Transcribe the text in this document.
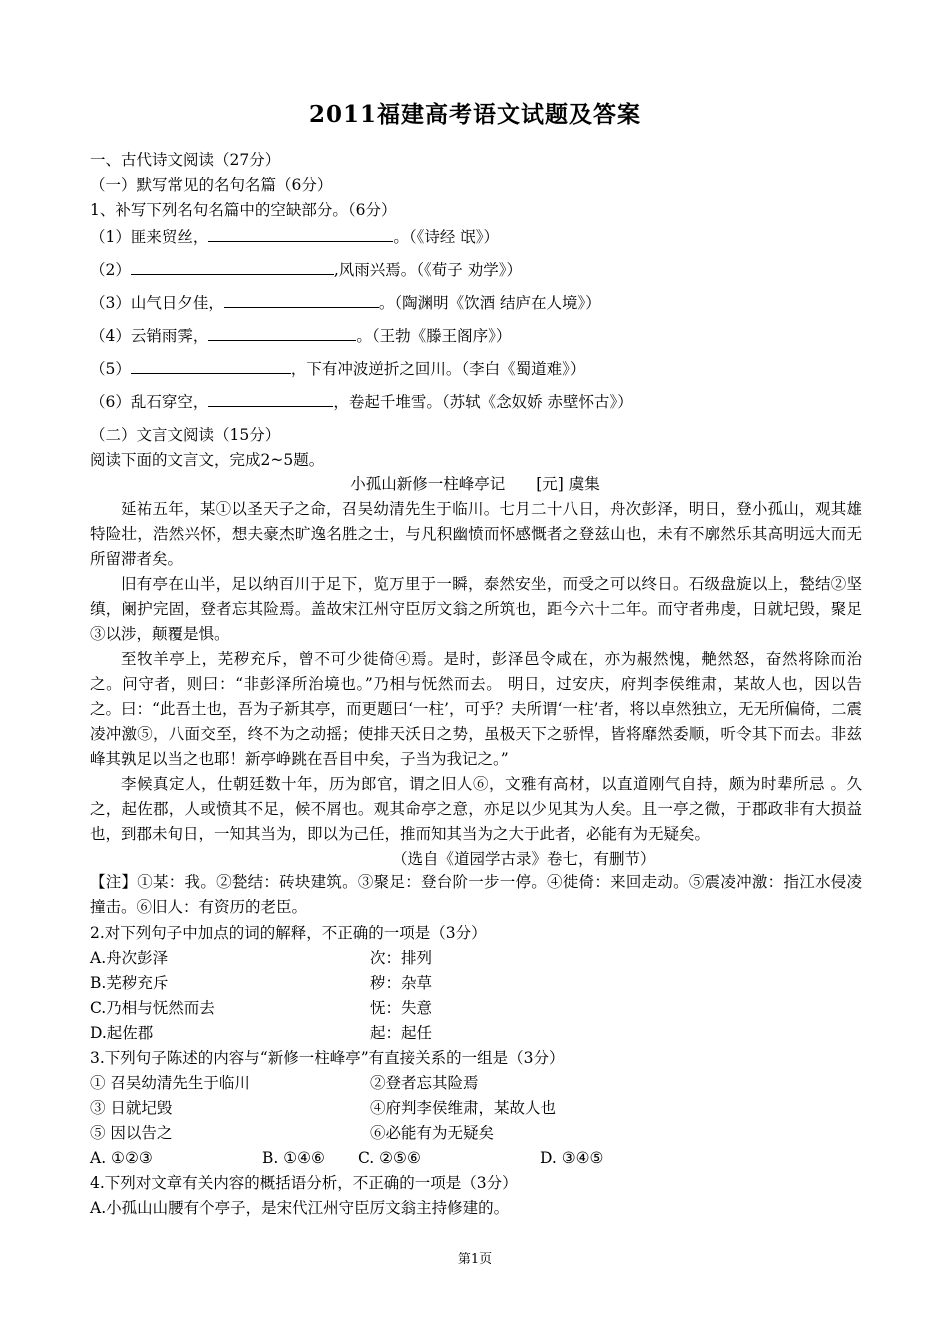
2011福建高考语文试题及答案
一、古代诗文阅读（27分）
（一）默写常见的名句名篇（6分）
1、补写下列名句名篇中的空缺部分。（6分）
（1）匪来贸丝，	。（《诗经 氓》）
（2）	,风雨兴焉。（《荀子 劝学》）
（3）山气日夕佳，	。（陶渊明《饮酒 结庐在人境》）
（4）云销雨霁，	。（王勃《滕王阁序》）
（5）	，下有冲波逆折之回川。（李白《蜀道难》）
（6）乱石穿空，	，卷起千堆雪。（苏轼《念奴娇 赤壁怀古》）
（二）文言文阅读（15分）
阅读下面的文言文，完成2~5题。
小孤山新修一柱峰亭记　　[元] 虞集
延祐五年，某①以圣天子之命，召吴幼清先生于临川。七月二十八日，舟次彭泽，明日，登小孤山，观其雄特险壮，浩然兴怀，想夫豪杰旷逸名胜之士，与凡积幽愤而怀感慨者之登兹山也，未有不廓然乐其高明远大而无所留滞者矣。
旧有亭在山半，足以纳百川于足下，览万里于一瞬，泰然安坐，而受之可以终日。石级盘旋以上，甃结②坚缜，阑护完固，登者忘其险焉。盖故宋江州守臣厉文翁之所筑也，距今六十二年。而守者弗虔，日就圮毁，聚足③以涉，颠覆是惧。
至牧羊亭上，芜秽充斥，曾不可少徙倚④焉。是时，彭泽邑令咸在，亦为赧然愧，艴然怒，奋然将除而治之。问守者，则曰：“非彭泽所治境也。”乃相与怃然而去。 明日，过安庆，府判李侯维肃，某故人也，因以告之。曰：“此吾土也，吾为子新其亭，而更题曰‘一柱’，可乎？夫所谓‘一柱’者，将以卓然独立，无无所偏倚，二震凌冲激⑤，八面交至，终不为之动摇；使排天沃日之势，虽极天下之骄悍，皆将靡然委顺，听令其下而去。非兹峰其孰足以当之也耶！新亭峥跳在吾目中矣，子当为我记之。”
李候真定人，仕朝廷数十年，历为郎官，谓之旧人⑥，文雅有高材，以直道刚气自持，颇为时辈所忌 。久之，起佐郡，人或愤其不足，候不屑也。观其命亭之意，亦足以少见其为人矣。且一亭之微，于郡政非有大损益也，到郡未旬日，一知其当为，即以为己任，推而知其当为之大于此者，必能有为无疑矣。
（选自《道园学古录》卷七，有删节）
【注】①某：我。②甃结：砖块建筑。③聚足：登台阶一步一停。④徙倚：来回走动。⑤震凌冲激：指江水侵凌撞击。⑥旧人：有资历的老臣。
2.对下列句子中加点的词的解释，不正确的一项是（3分）
A.舟次彭泽	次：排列
B.芜秽充斥	秽：杂草
C.乃相与怃然而去	怃：失意
D.起佐郡	起：起任
3.下列句子陈述的内容与“新修一柱峰亭”有直接关系的一组是（3分）
① 召吴幼清先生于临川	②登者忘其险焉
③ 日就圮毁	④府判李侯维肃，某故人也
⑤ 因以告之	⑥必能有为无疑矣
A. ①②③	B. ①④⑥ C. ②⑤⑥	D. ③④⑤
4.下列对文章有关内容的概括语分析，不正确的一项是（3分）
A.小孤山山腰有个亭子，是宋代江州守臣厉文翁主持修建的。
第1页
